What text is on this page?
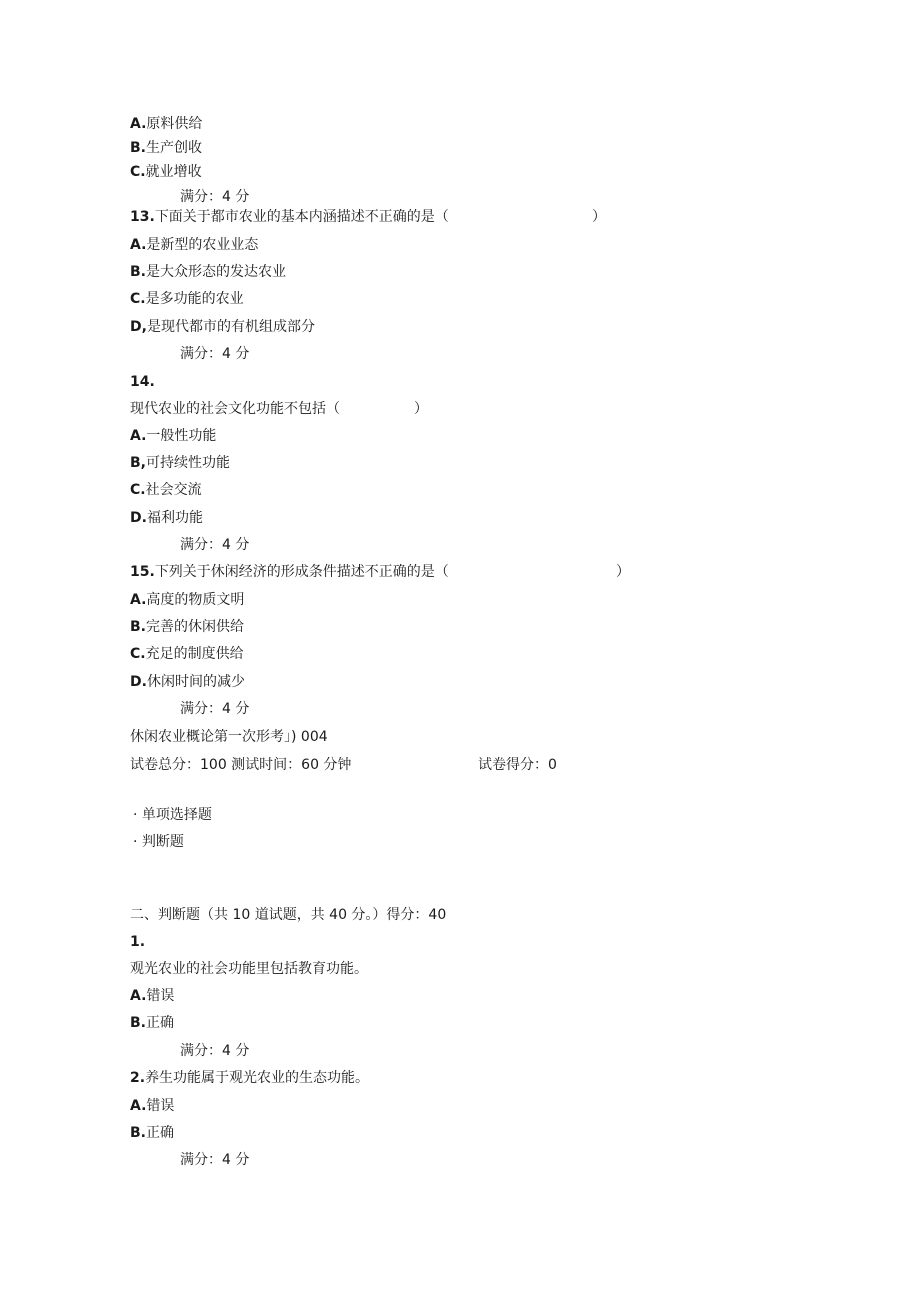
A.原料供给
B.生产创收
C.就业增收
满分：4 分
13.下面关于都市农业的基本内涵描述不正确的是（	）
A.是新型的农业业态
B.是大众形态的发达农业
C.是多功能的农业
D,是现代都市的有机组成部分
满分：4 分
14.
现代农业的社会文化功能不包括（	）
A.一般性功能
B,可持续性功能
C.社会交流
D.福利功能
满分：4 分
15.下列关于休闲经济的形成条件描述不正确的是（	）
A.高度的物质文明
B.完善的休闲供给
C.充足的制度供给
D.休闲时间的减少
满分：4 分
休闲农业概论第一次形考」) 004
试卷总分：100 测试时间：60 分钟	试卷得分：0
· 单项选择题
· 判断题
二、判断题（共 10 道试题，共 40 分。）得分：40
1.
观光农业的社会功能里包括教育功能。
A.错误
B.正确
满分：4 分
2.养生功能属于观光农业的生态功能。
A.错误
B.正确
满分：4 分
